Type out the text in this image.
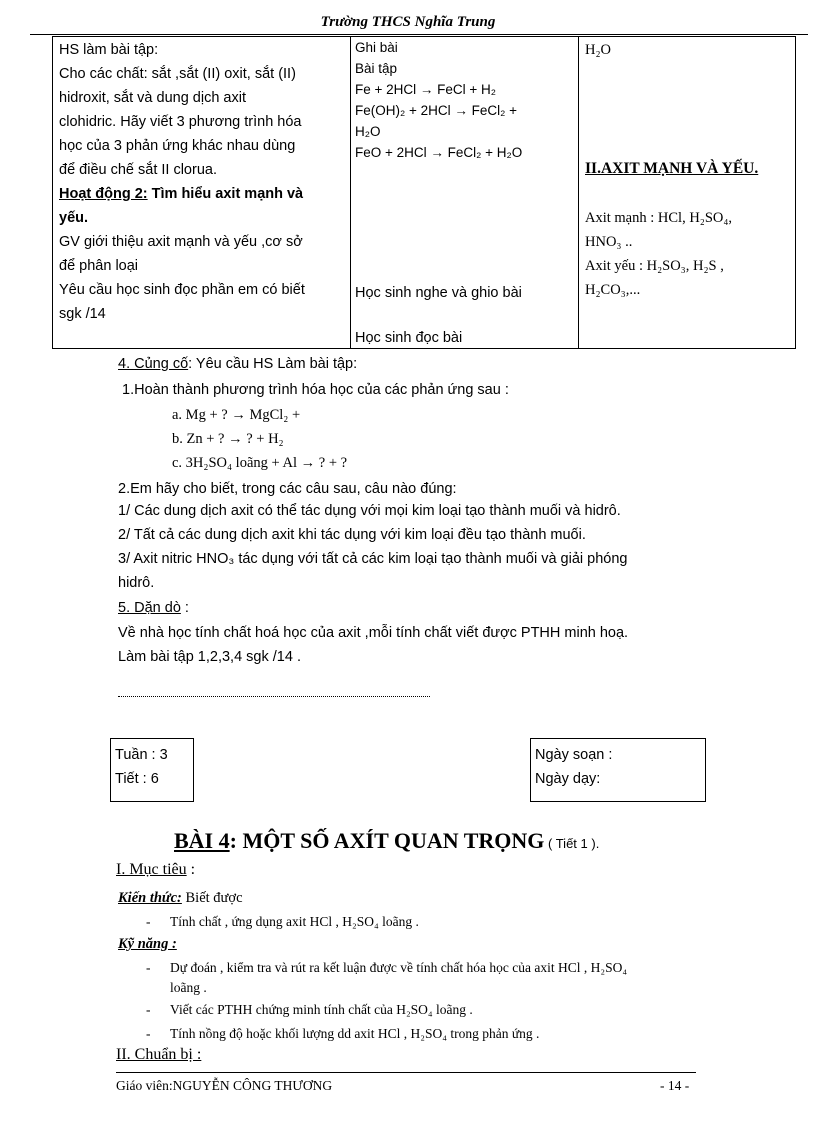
Trường THCS Nghĩa Trung
HS làm bài tập:
Cho các chất: sắt ,sắt (II) oxit, sắt (II)
hidroxit, sắt và dung dịch axit
clohidric. Hãy viết 3 phương trình hóa
học của 3 phản ứng khác nhau dùng
để điều chế sắt II clorua.
Hoạt động 2: Tìm hiểu axit mạnh và
yếu.
GV giới thiệu axit mạnh và yếu ,cơ sở
để phân loại
Yêu cầu học sinh đọc phần em có biết
sgk /14
Ghi bài
Bài tập
Fe + 2HCl → FeCl + H₂
Fe(OH)₂ + 2HCl → FeCl₂ +
H₂O
FeO + 2HCl → FeCl₂ + H₂O
Học sinh nghe và ghio bài
Học sinh đọc bài
H₂O
II.AXIT MẠNH VÀ YẾU.
Axit mạnh : HCl, H₂SO₄,
HNO₃ ..
Axit yếu : H₂SO₃, H₂S ,
H₂CO₃,...
4. Củng cố: Yêu cầu HS Làm bài tập:
1.Hoàn thành phương trình hóa học của các phản ứng sau :
a. Mg + ? → MgCl₂ +
b. Zn + ? → ? + H₂
c. 3H₂SO₄ loãng + Al → ? + ?
2.Em hãy cho biết, trong các câu sau, câu nào đúng:
1/ Các dung dịch axit có thể tác dụng với mọi kim loại tạo thành muối và hidrô.
2/ Tất cả các dung dịch axit khi tác dụng với kim loại đều tạo thành muối.
3/ Axit nitric HNO₃ tác dụng với tất cả các kim loại tạo thành muối và giải phóng
hidrô.
5. Dặn dò :
Về nhà học tính chất hoá học của axit ,mỗi tính chất viết được PTHH minh hoạ.
Làm bài tập 1,2,3,4 sgk /14 .
Tuần : 3
Tiết : 6
Ngày soạn :
Ngày dạy:
BÀI 4: MỘT SỐ AXÍT QUAN TRỌNG ( Tiết 1 ).
I. Mục tiêu :
Kiến thức: Biết được
- Tính chất , ứng dụng axit HCl , H₂SO₄ loãng .
Kỹ năng :
- Dự đoán , kiểm tra và rút ra kết luận được về tính chất hóa học của axit HCl , H₂SO₄
loãng .
- Viết các PTHH chứng minh tính chất của H₂SO₄ loãng .
- Tính nồng độ hoặc khối lượng dd axit HCl , H₂SO₄ trong phản ứng .
II. Chuẩn bị :
Giáo viên:NGUYỄN CÔNG THƯƠNG	- 14 -
